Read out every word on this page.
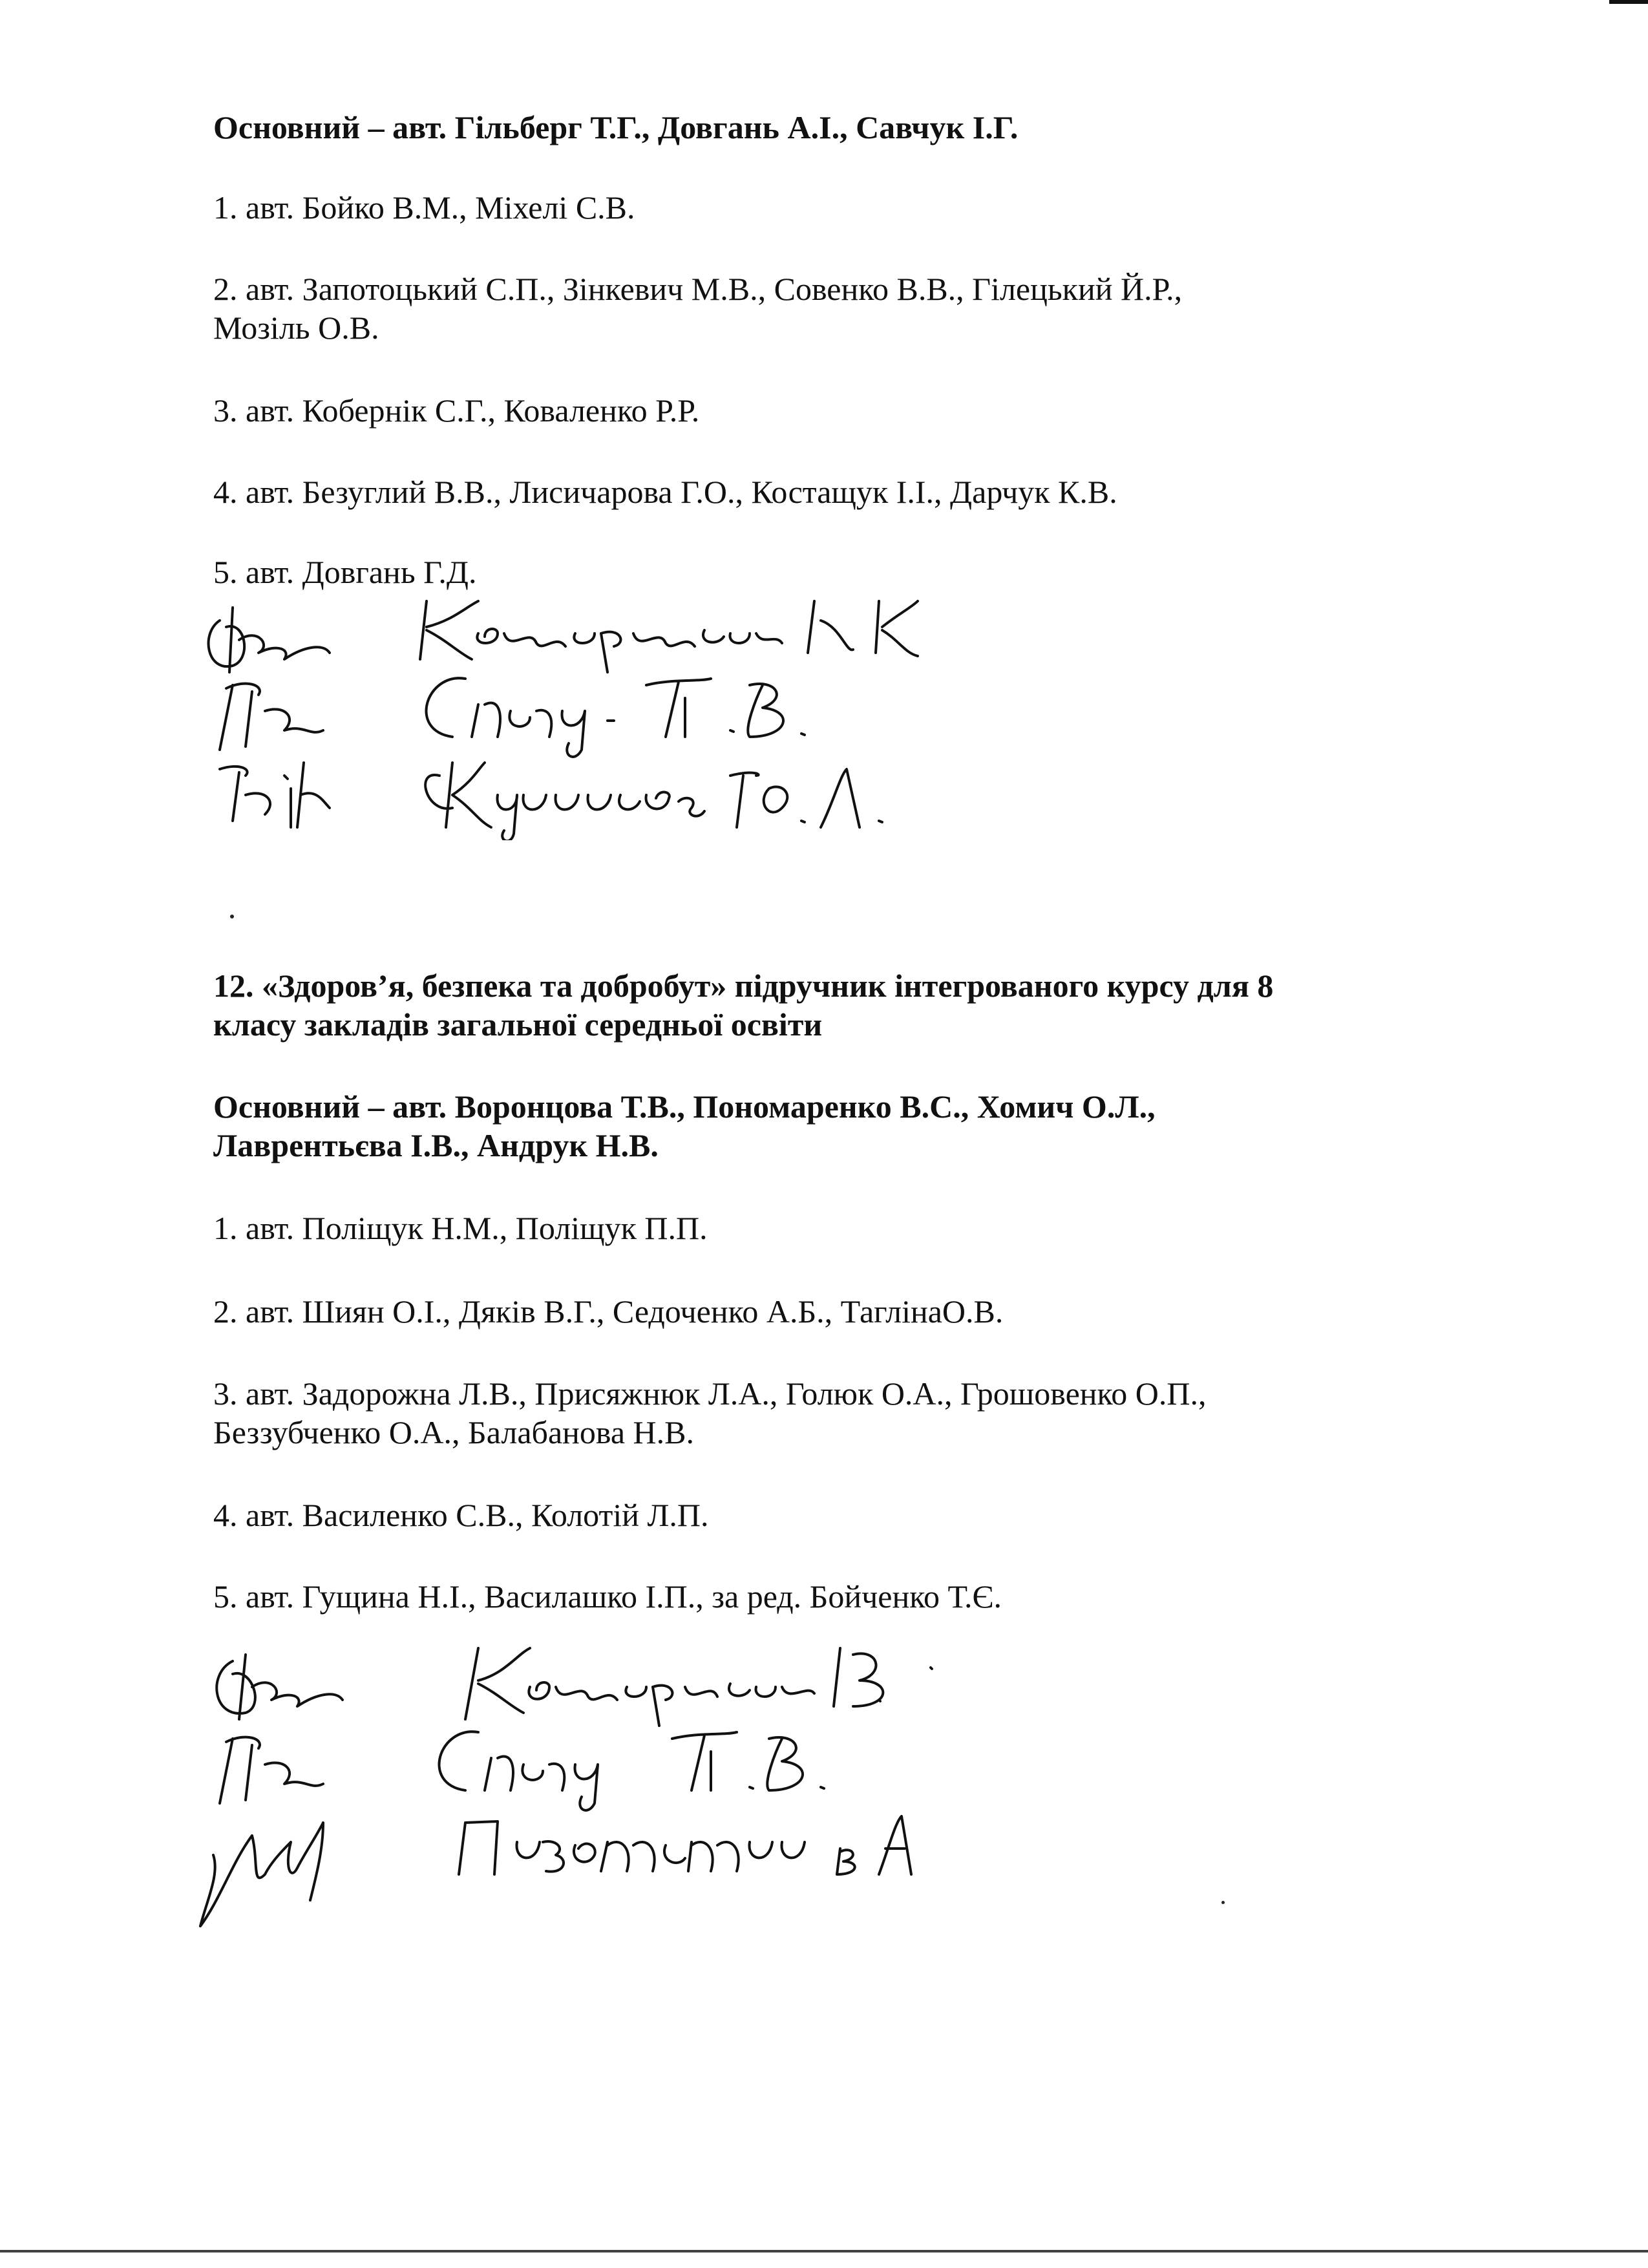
Основний – авт. Гільберг Т.Г., Довгань А.І., Савчук І.Г.
1. авт. Бойко В.М., Міхелі С.В.
2. авт. Запотоцький С.П., Зінкевич М.В., Совенко В.В., Гілецький Й.Р.,
Мозіль О.В.
3. авт. Кобернік С.Г., Коваленко Р.Р.
4. авт. Безуглий В.В., Лисичарова Г.О., Костащук І.І., Дарчук К.В.
5. авт. Довгань Г.Д.
12. «Здоров’я, безпека та добробут» підручник інтегрованого курсу для 8
класу закладів загальної середньої освіти
Основний – авт. Воронцова Т.В., Пономаренко В.С., Хомич О.Л.,
Лаврентьєва І.В., Андрук Н.В.
1. авт. Поліщук Н.М., Поліщук П.П.
2. авт. Шиян О.І., Дяків В.Г., Седоченко А.Б., ТаглінаО.В.
3. авт. Задорожна Л.В., Присяжнюк Л.А., Голюк О.А., Грошовенко О.П.,
Беззубченко О.А., Балабанова Н.В.
4. авт. Василенко С.В., Колотій Л.П.
5. авт. Гущина Н.І., Василашко І.П., за ред. Бойченко Т.Є.
